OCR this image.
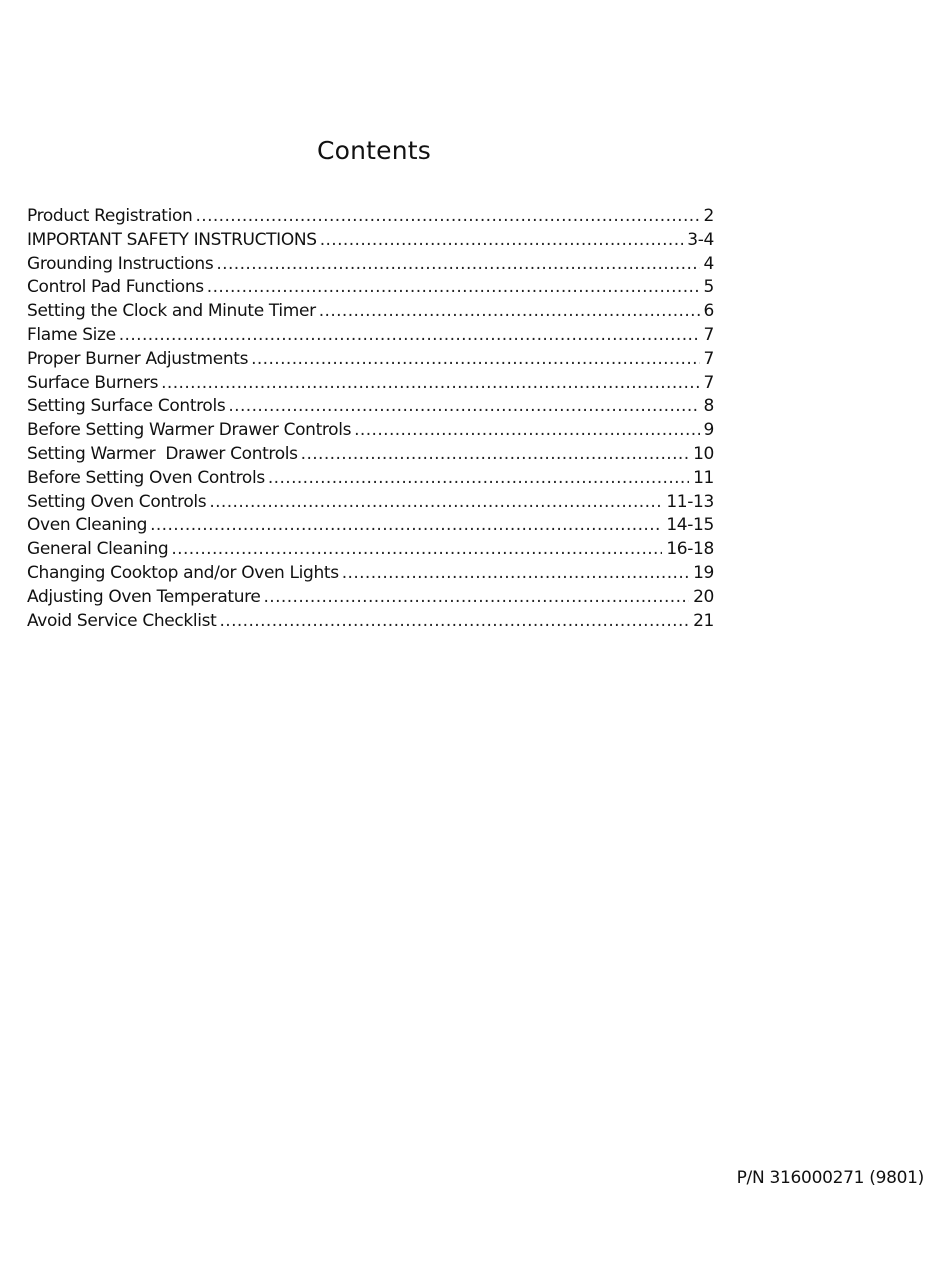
Contents
Product Registration .....	2
IMPORTANT SAFETY INSTRUCTIONS .....	3-4
Grounding Instructions .....	4
Control Pad Functions .....	5
Setting the Clock and Minute Timer .....	6
Flame Size .....	7
Proper Burner Adjustments .....	7
Surface Burners .....	7
Setting Surface Controls .....	8
Before Setting Warmer Drawer Controls .....	9
Setting Warmer  Drawer Controls .....	10
Before Setting Oven Controls .....	11
Setting Oven Controls .....	11-13
Oven Cleaning .....	14-15
General Cleaning .....	16-18
Changing Cooktop and/or Oven Lights .....	19
Adjusting Oven Temperature .....	20
Avoid Service Checklist .....	21

P/N 316000271 (9801)
